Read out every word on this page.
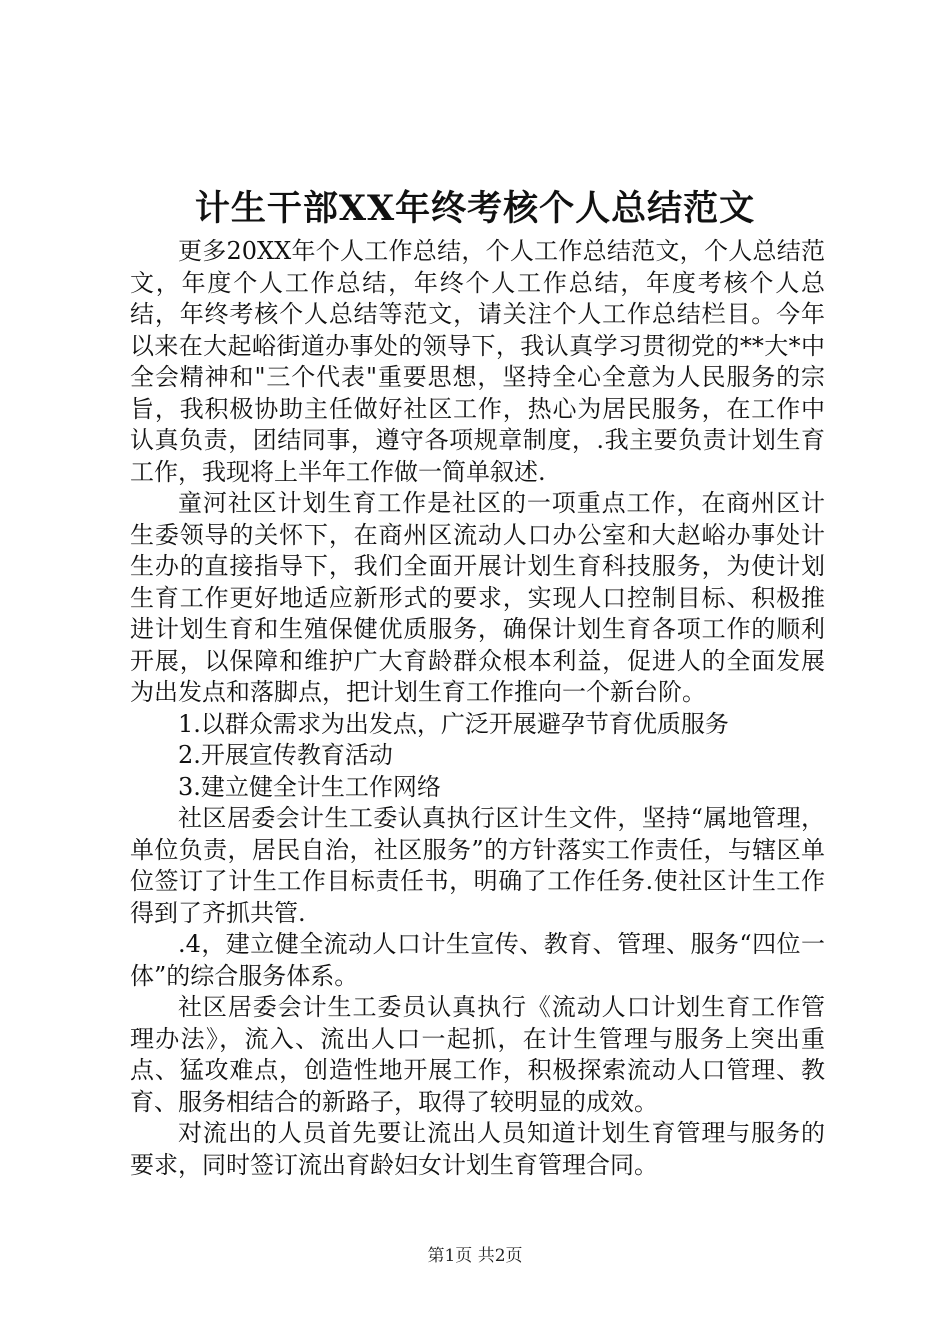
计生干部XX年终考核个人总结范文

更多20XX年个人工作总结，个人工作总结范文，个人总结范文，年度个人工作总结，年终个人工作总结，年度考核个人总结，年终考核个人总结等范文，请关注个人工作总结栏目。今年以来在大起峪街道办事处的领导下，我认真学习贯彻党的**大*中全会精神和"三个代表"重要思想，坚持全心全意为人民服务的宗旨，我积极协助主任做好社区工作，热心为居民服务，在工作中认真负责，团结同事，遵守各项规章制度，.我主要负责计划生育工作，我现将上半年工作做一简单叙述.

童河社区计划生育工作是社区的一项重点工作，在商州区计生委领导的关怀下，在商州区流动人口办公室和大赵峪办事处计生办的直接指导下，我们全面开展计划生育科技服务，为使计划生育工作更好地适应新形式的要求，实现人口控制目标、积极推进计划生育和生殖保健优质服务，确保计划生育各项工作的顺利开展，以保障和维护广大育龄群众根本利益，促进人的全面发展为出发点和落脚点，把计划生育工作推向一个新台阶。

1.以群众需求为出发点，广泛开展避孕节育优质服务

2.开展宣传教育活动

3.建立健全计生工作网络

社区居委会计生工委认真执行区计生文件，坚持“属地管理，单位负责，居民自治，社区服务”的方针落实工作责任，与辖区单位签订了计生工作目标责任书，明确了工作任务.使社区计生工作得到了齐抓共管.

.4，建立健全流动人口计生宣传、教育、管理、服务“四位一体”的综合服务体系。

社区居委会计生工委员认真执行《流动人口计划生育工作管理办法》，流入、流出人口一起抓，在计生管理与服务上突出重点、猛攻难点，创造性地开展工作，积极探索流动人口管理、教育、服务相结合的新路子，取得了较明显的成效。

对流出的人员首先要让流出人员知道计划生育管理与服务的要求，同时签订流出育龄妇女计划生育管理合同。

第1页 共2页
